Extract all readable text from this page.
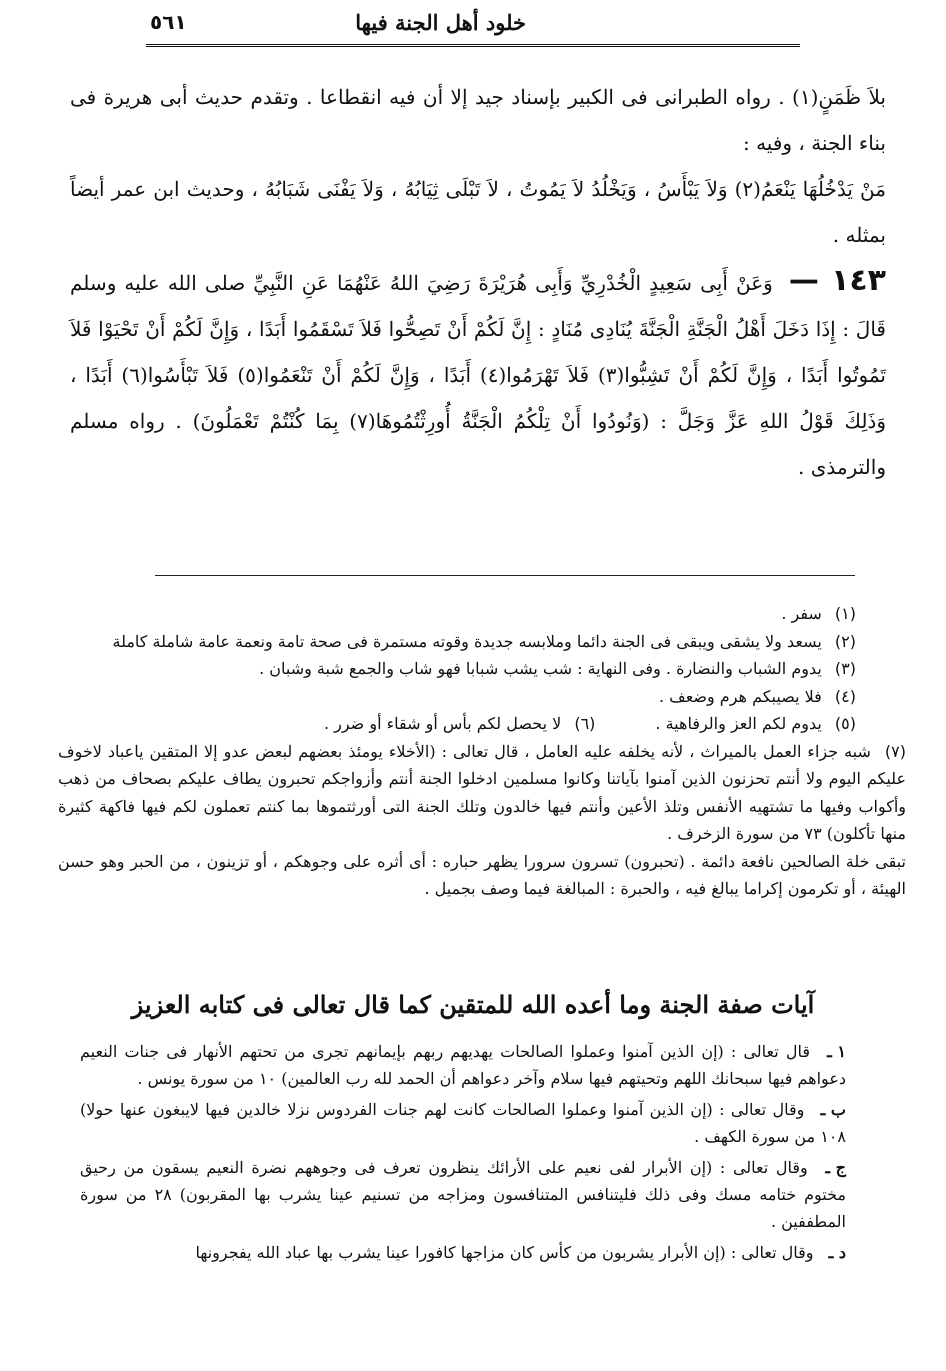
خلود أهل الجنة فيها
٥٦١

بلاَ ظَمَنٍ(١) . رواه الطبرانى فى الكبير بإسناد جيد إلا أن فيه انقطاعا . وتقدم حديث أبى هريرة فى بناء الجنة ، وفيه :

مَنْ يَدْخُلُهَا يَنْعَمُ(٢) وَلاَ يَبْأَسُ ، وَيَخْلُدُ لاَ يَمُوتُ ، لاَ تَبْلَى ثِيَابُهُ ، وَلاَ يَفْنَى شَبَابُهُ ، وحديث ابن عمر أيضاً بمثله .

١٤٣ — وَعَنْ أَبِى سَعِيدٍ الْخُدْرِيِّ وَأَبِى هُرَيْرَةَ رَضِيَ اللهُ عَنْهُمَا عَنِ النَّبِيِّ صلى الله عليه وسلم قَالَ : إِذَا دَخَلَ أَهْلُ الْجَنَّةِ الْجَنَّةَ يُنَادِى مُنَادٍ : إِنَّ لَكُمْ أَنْ تَصِحُّوا فَلاَ تَسْقَمُوا أَبَدًا ، وَإِنَّ لَكُمْ أَنْ تَحْيَوْا فَلاَ تَمُوتُوا أَبَدًا ، وَإِنَّ لَكُمْ أَنْ تَشِبُّوا(٣) فَلاَ تَهْرَمُوا(٤) أَبَدًا ، وَإِنَّ لَكُمْ أَنْ تَنْعَمُوا(٥) فَلاَ تَبْأَسُوا(٦) أَبَدًا ، وَذَلِكَ قَوْلُ اللهِ عَزَّ وَجَلَّ : (وَنُودُوا أَنْ تِلْكُمُ الْجَنَّةُ أُورِثْتُمُوهَا(٧) بِمَا كُنْتُمْ تَعْمَلُونَ) . رواه مسلم والترمذى .

(١) سفر .

(٢) يسعد ولا يشقى ويبقى فى الجنة دائما وملابسه جديدة وقوته مستمرة فى صحة تامة ونعمة عامة شاملة كاملة

(٣) يدوم الشباب والنضارة . وفى النهاية : شب يشب شبابا فهو شاب والجمع شبة وشبان .

(٤) فلا يصيبكم هرم وضعف .

(٥) يدوم لكم العز والرفاهية .
(٦) لا يحصل لكم بأس أو شقاء أو ضرر .

(٧) شبه جزاء العمل بالميراث ، لأنه يخلفه عليه العامل ، قال تعالى : (الأخلاء يومئذ بعضهم لبعض عدو إلا المتقين ياعباد لاخوف عليكم اليوم ولا أنتم تحزنون الذين آمنوا بآياتنا وكانوا مسلمين ادخلوا الجنة أنتم وأزواجكم تحبرون يطاف عليكم بصحاف من ذهب وأكواب وفيها ما تشتهيه الأنفس وتلذ الأعين وأنتم فيها خالدون وتلك الجنة التى أورثتموها بما كنتم تعملون لكم فيها فاكهة كثيرة منها تأكلون) ٧٣ من سورة الزخرف .

تبقى خلة الصالحين نافعة دائمة . (تحبرون) تسرون سرورا يظهر حباره : أى أثره على وجوهكم ، أو تزينون ، من الحبر وهو حسن الهيئة ، أو تكرمون إكراما يبالغ فيه ، والحبرة : المبالغة فيما وصف بجميل .

آيات صفة الجنة وما أعده الله للمتقين كما قال تعالى فى كتابه العزيز

١ ـ قال تعالى : (إن الذين آمنوا وعملوا الصالحات يهديهم ربهم بإيمانهم تجرى من تحتهم الأنهار فى جنات النعيم دعواهم فيها سبحانك اللهم وتحيتهم فيها سلام وآخر دعواهم أن الحمد لله رب العالمين) ١٠ من سورة يونس .

ب ـ وقال تعالى : (إن الذين آمنوا وعملوا الصالحات كانت لهم جنات الفردوس نزلا خالدين فيها لايبغون عنها حولا) ١٠٨ من سورة الكهف .

ج ـ وقال تعالى : (إن الأبرار لفى نعيم على الأرائك ينظرون تعرف فى وجوههم نضرة النعيم يسقون من رحيق مختوم ختامه مسك وفى ذلك فليتنافس المتنافسون ومزاجه من تسنيم عينا يشرب بها المقربون) ٢٨ من سورة المطففين .

د ـ وقال تعالى : (إن الأبرار يشربون من كأس كان مزاجها كافورا عينا يشرب بها عباد الله يفجرونها
